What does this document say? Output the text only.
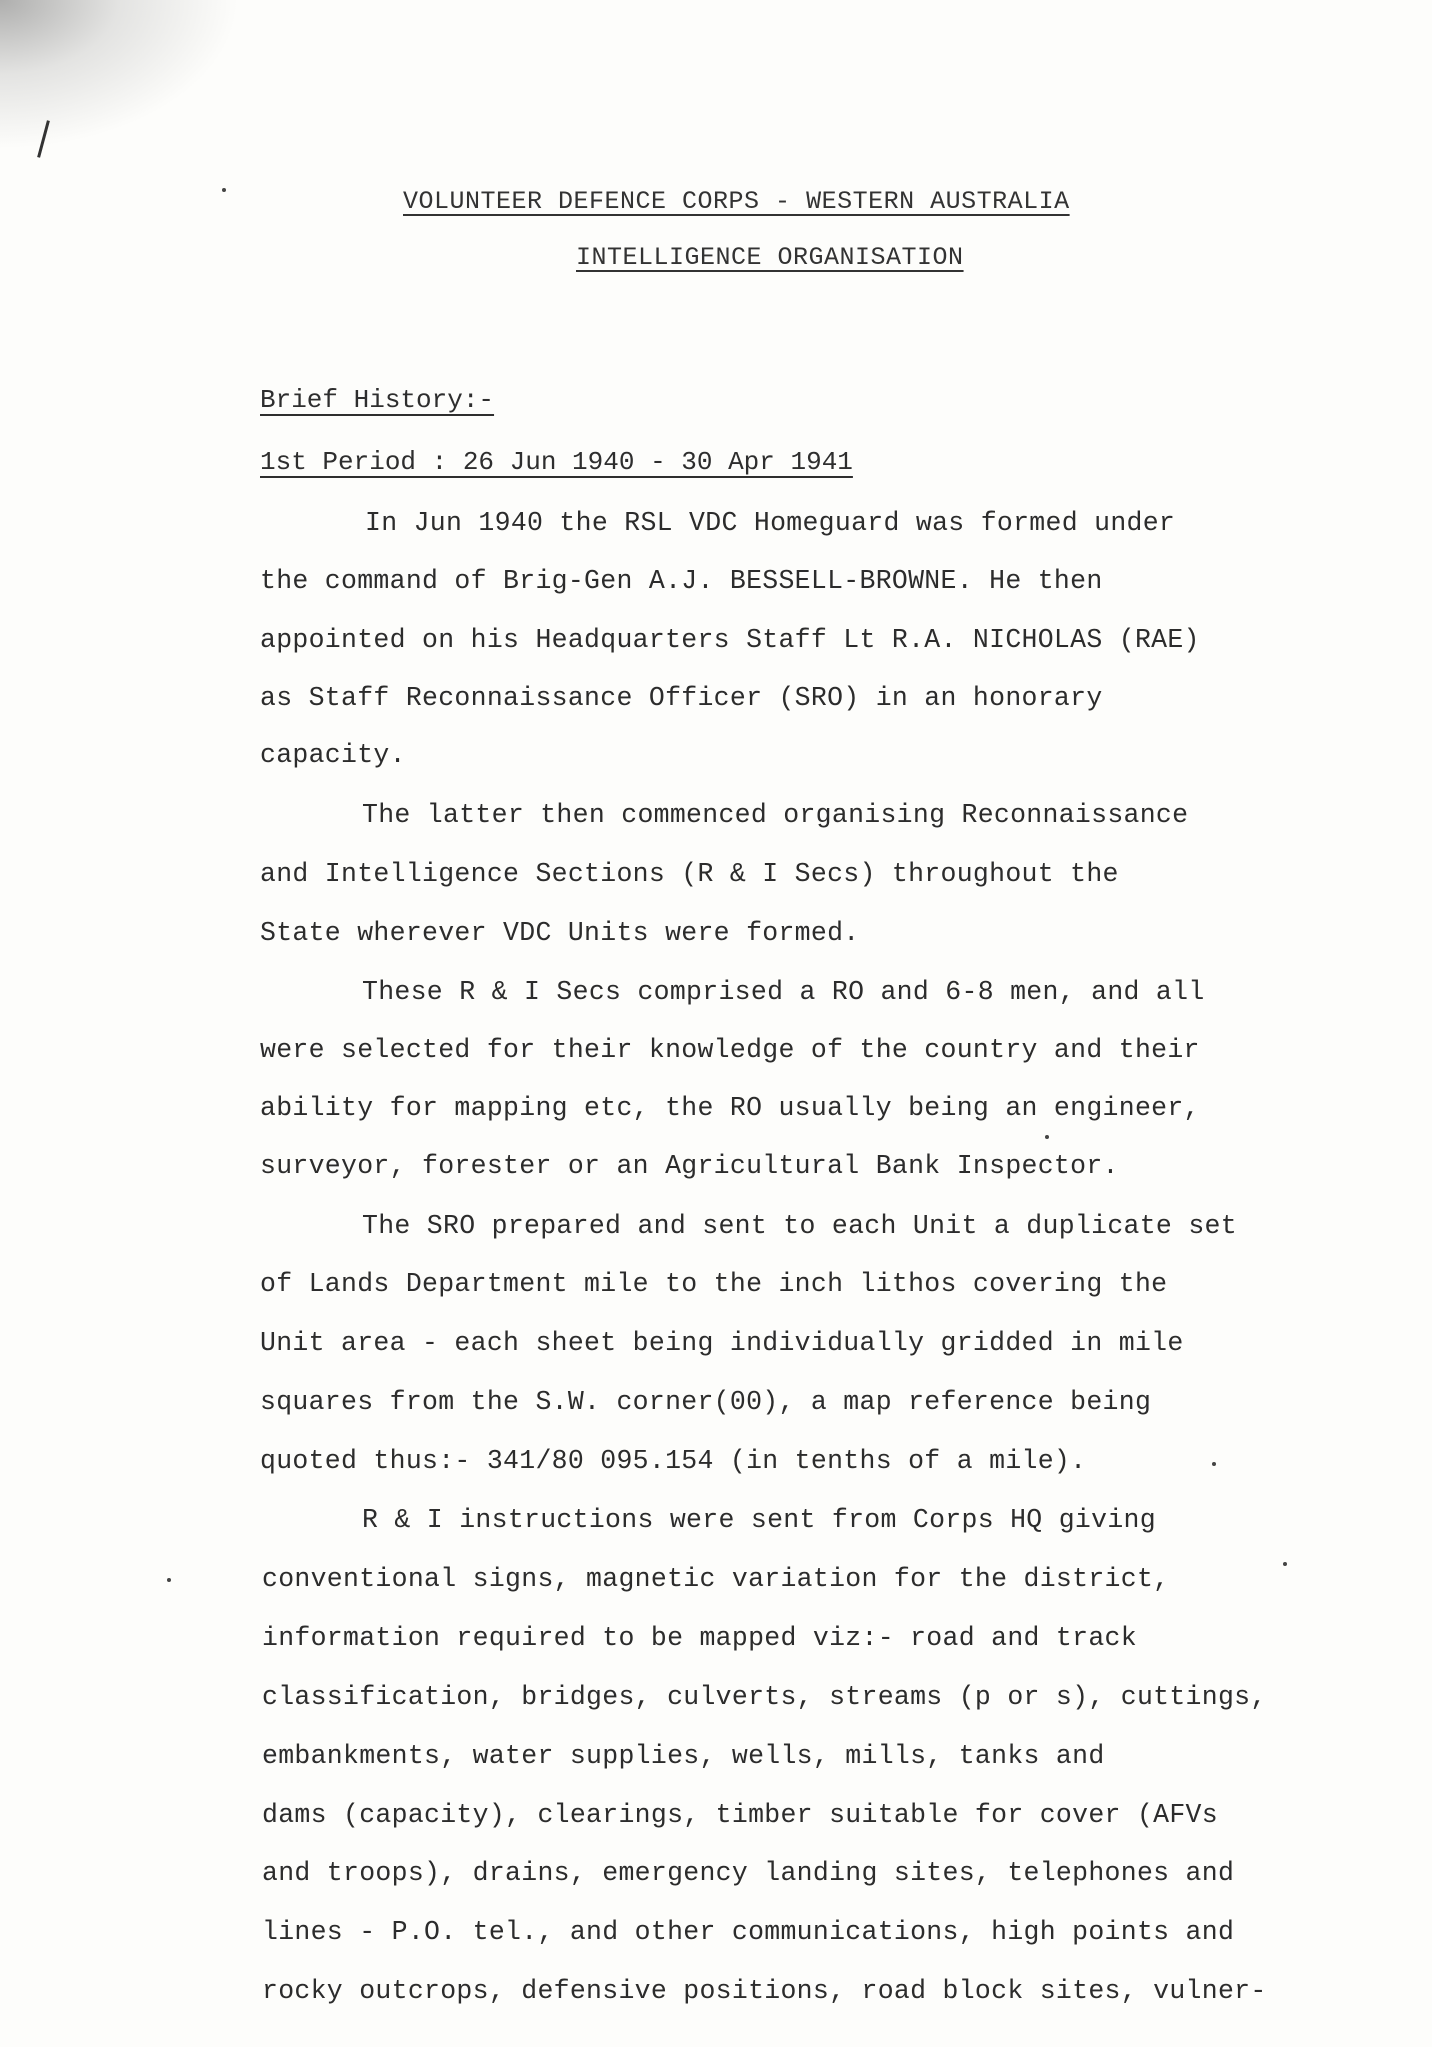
VOLUNTEER DEFENCE CORPS - WESTERN AUSTRALIA
INTELLIGENCE ORGANISATION
Brief History:-
1st Period : 26 Jun 1940 - 30 Apr 1941
In Jun 1940 the RSL VDC Homeguard was formed under
the command of Brig-Gen A.J. BESSELL-BROWNE. He then
appointed on his Headquarters Staff Lt R.A. NICHOLAS (RAE)
as Staff Reconnaissance Officer (SRO) in an honorary
capacity.
The latter then commenced organising Reconnaissance
and Intelligence Sections (R & I Secs) throughout the
State wherever VDC Units were formed.
These R & I Secs comprised a RO and 6-8 men, and all
were selected for their knowledge of the country and their
ability for mapping etc, the RO usually being an engineer,
surveyor, forester or an Agricultural Bank Inspector.
The SRO prepared and sent to each Unit a duplicate set
of Lands Department mile to the inch lithos covering the
Unit area - each sheet being individually gridded in mile
squares from the S.W. corner(00), a map reference being
quoted thus:- 341/80 095.154 (in tenths of a mile).
R & I instructions were sent from Corps HQ giving
conventional signs, magnetic variation for the district,
information required to be mapped viz:- road and track
classification, bridges, culverts, streams (p or s), cuttings,
embankments, water supplies, wells, mills, tanks and
dams (capacity), clearings, timber suitable for cover (AFVs
and troops), drains, emergency landing sites, telephones and
lines - P.O. tel., and other communications, high points and
rocky outcrops, defensive positions, road block sites, vulner-
